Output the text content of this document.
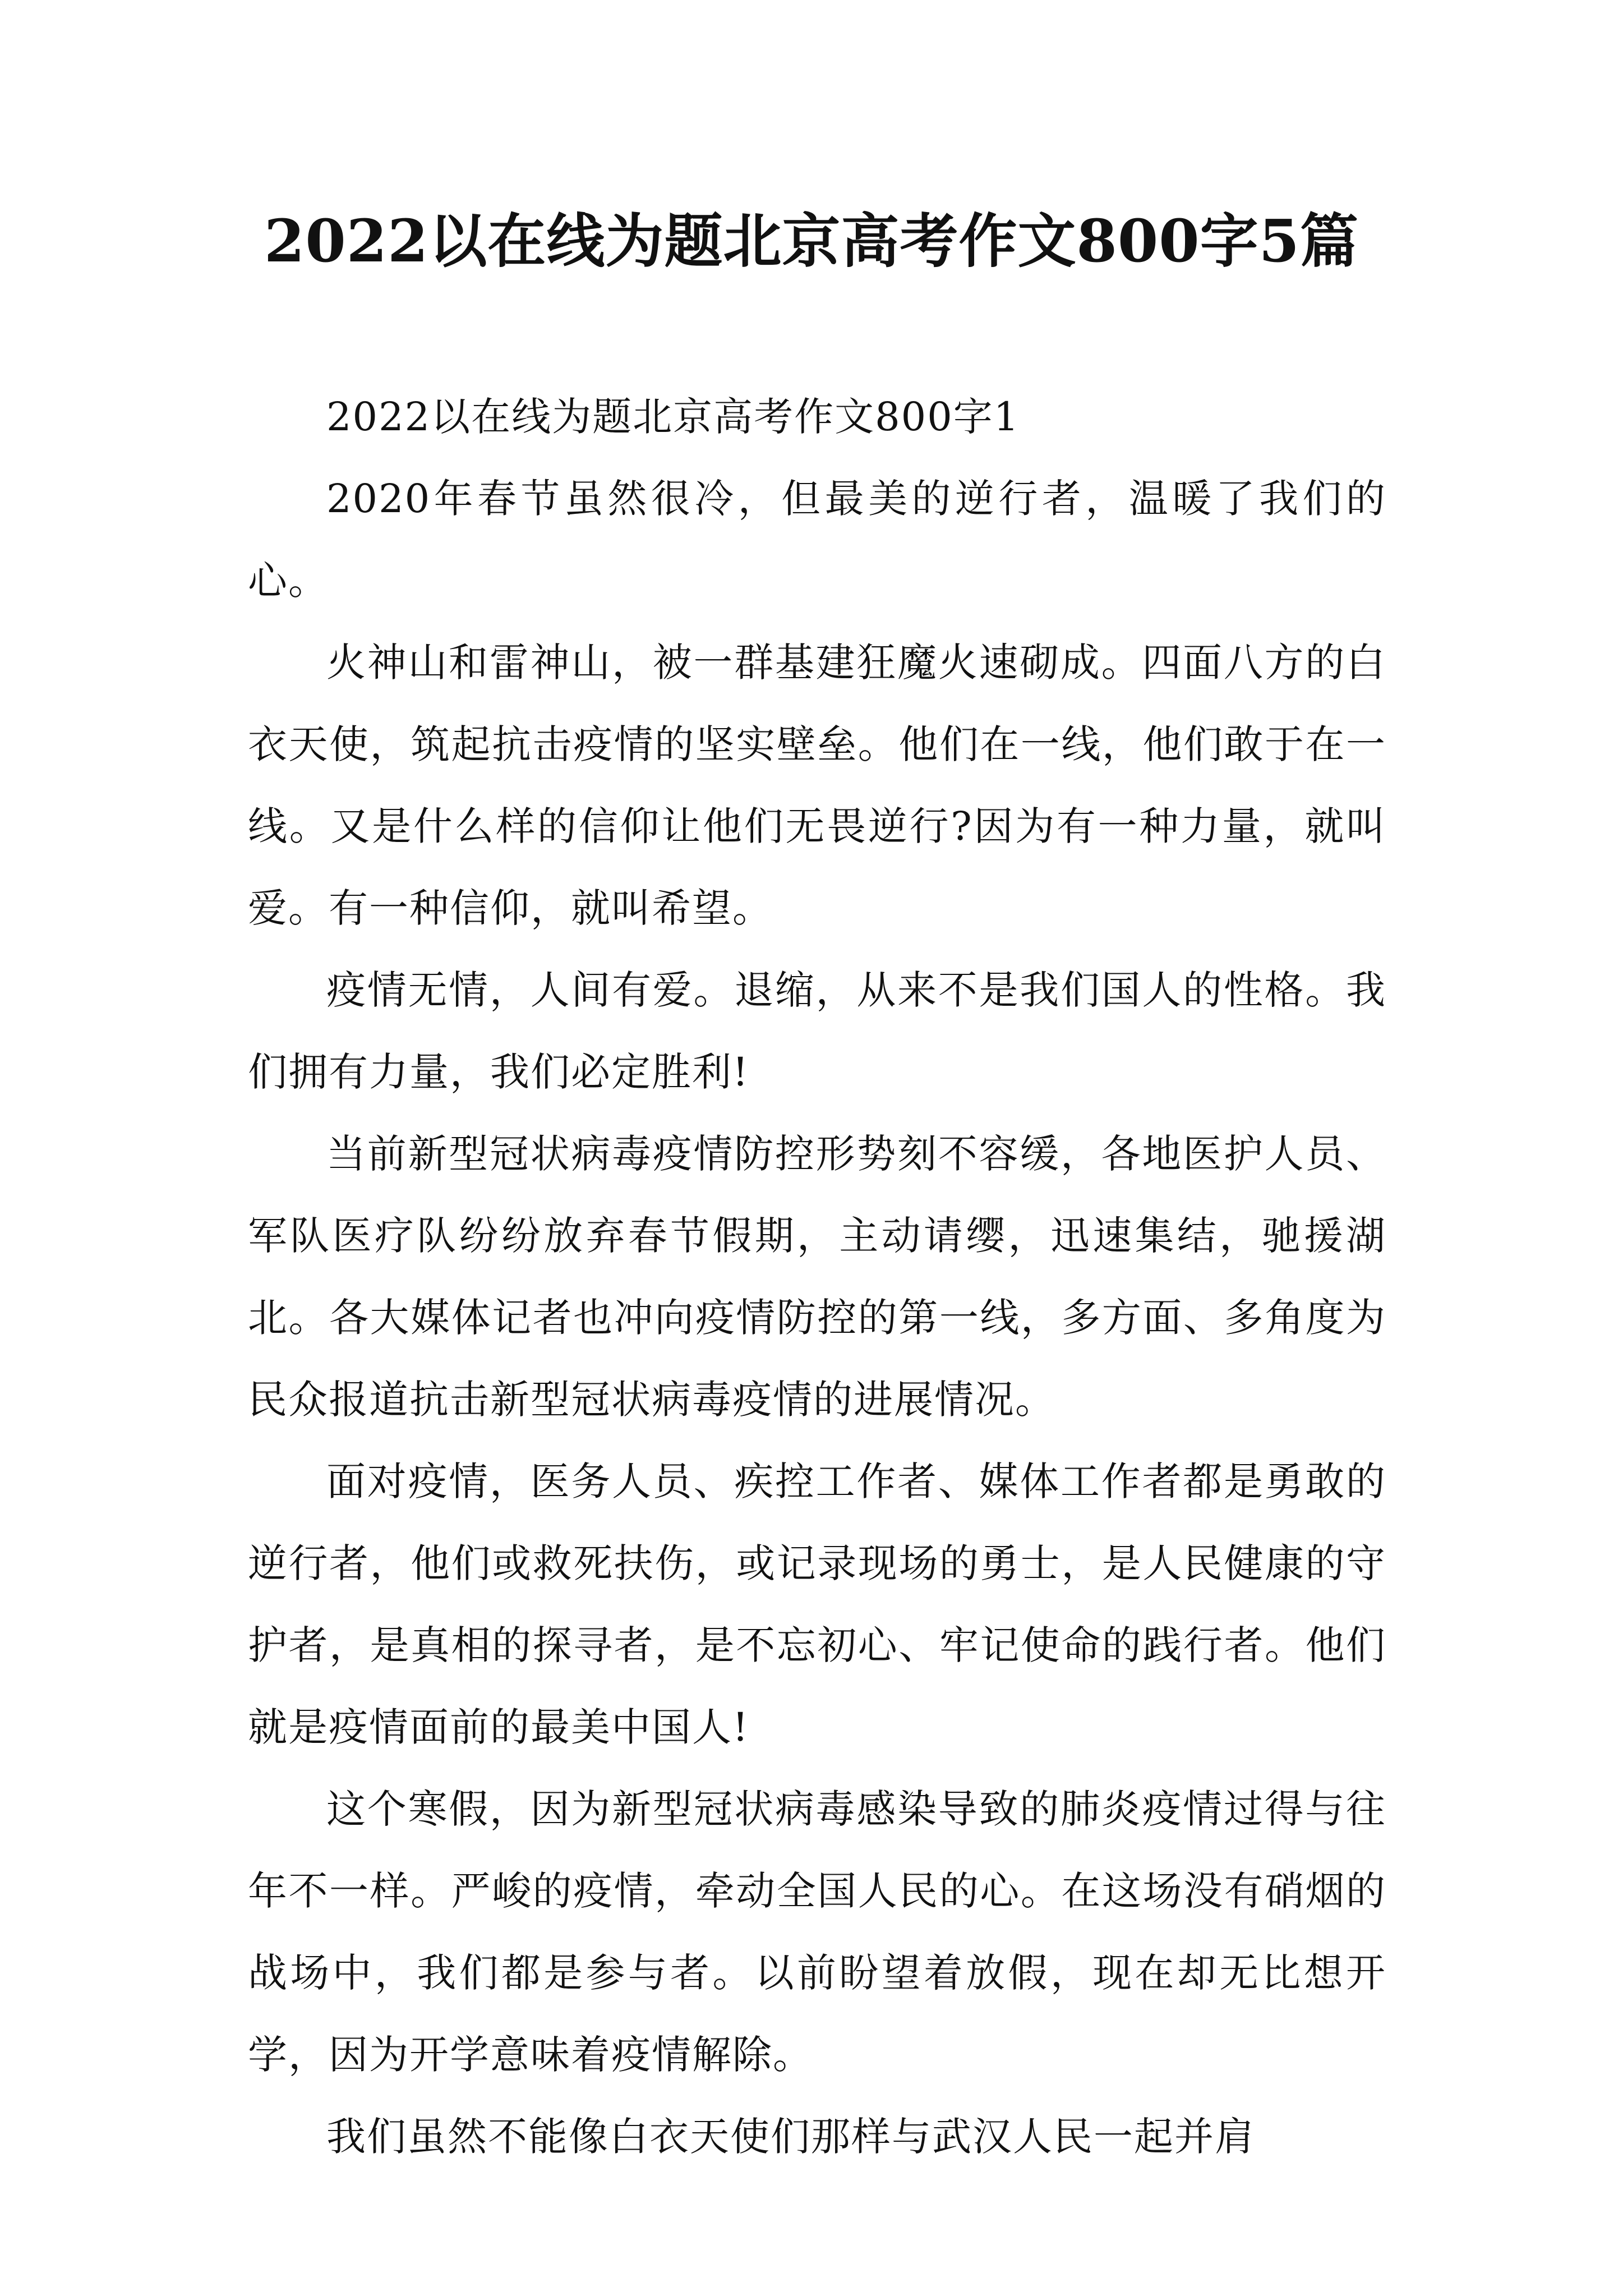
2022以在线为题北京高考作文800字5篇

2022以在线为题北京高考作文800字1

2020年春节虽然很冷，但最美的逆行者，温暖了我们的心。

火神山和雷神山，被一群基建狂魔火速砌成。四面八方的白衣天使，筑起抗击疫情的坚实壁垒。他们在一线，他们敢于在一线。又是什么样的信仰让他们无畏逆行?因为有一种力量，就叫爱。有一种信仰，就叫希望。

疫情无情，人间有爱。退缩，从来不是我们国人的性格。我们拥有力量，我们必定胜利!

当前新型冠状病毒疫情防控形势刻不容缓，各地医护人员、军队医疗队纷纷放弃春节假期，主动请缨，迅速集结，驰援湖北。各大媒体记者也冲向疫情防控的第一线，多方面、多角度为民众报道抗击新型冠状病毒疫情的进展情况。

面对疫情，医务人员、疾控工作者、媒体工作者都是勇敢的逆行者，他们或救死扶伤，或记录现场的勇士，是人民健康的守护者，是真相的探寻者，是不忘初心、牢记使命的践行者。他们就是疫情面前的最美中国人!

这个寒假，因为新型冠状病毒感染导致的肺炎疫情过得与往年不一样。严峻的疫情，牵动全国人民的心。在这场没有硝烟的战场中，我们都是参与者。以前盼望着放假，现在却无比想开学，因为开学意味着疫情解除。

我们虽然不能像白衣天使们那样与武汉人民一起并肩
